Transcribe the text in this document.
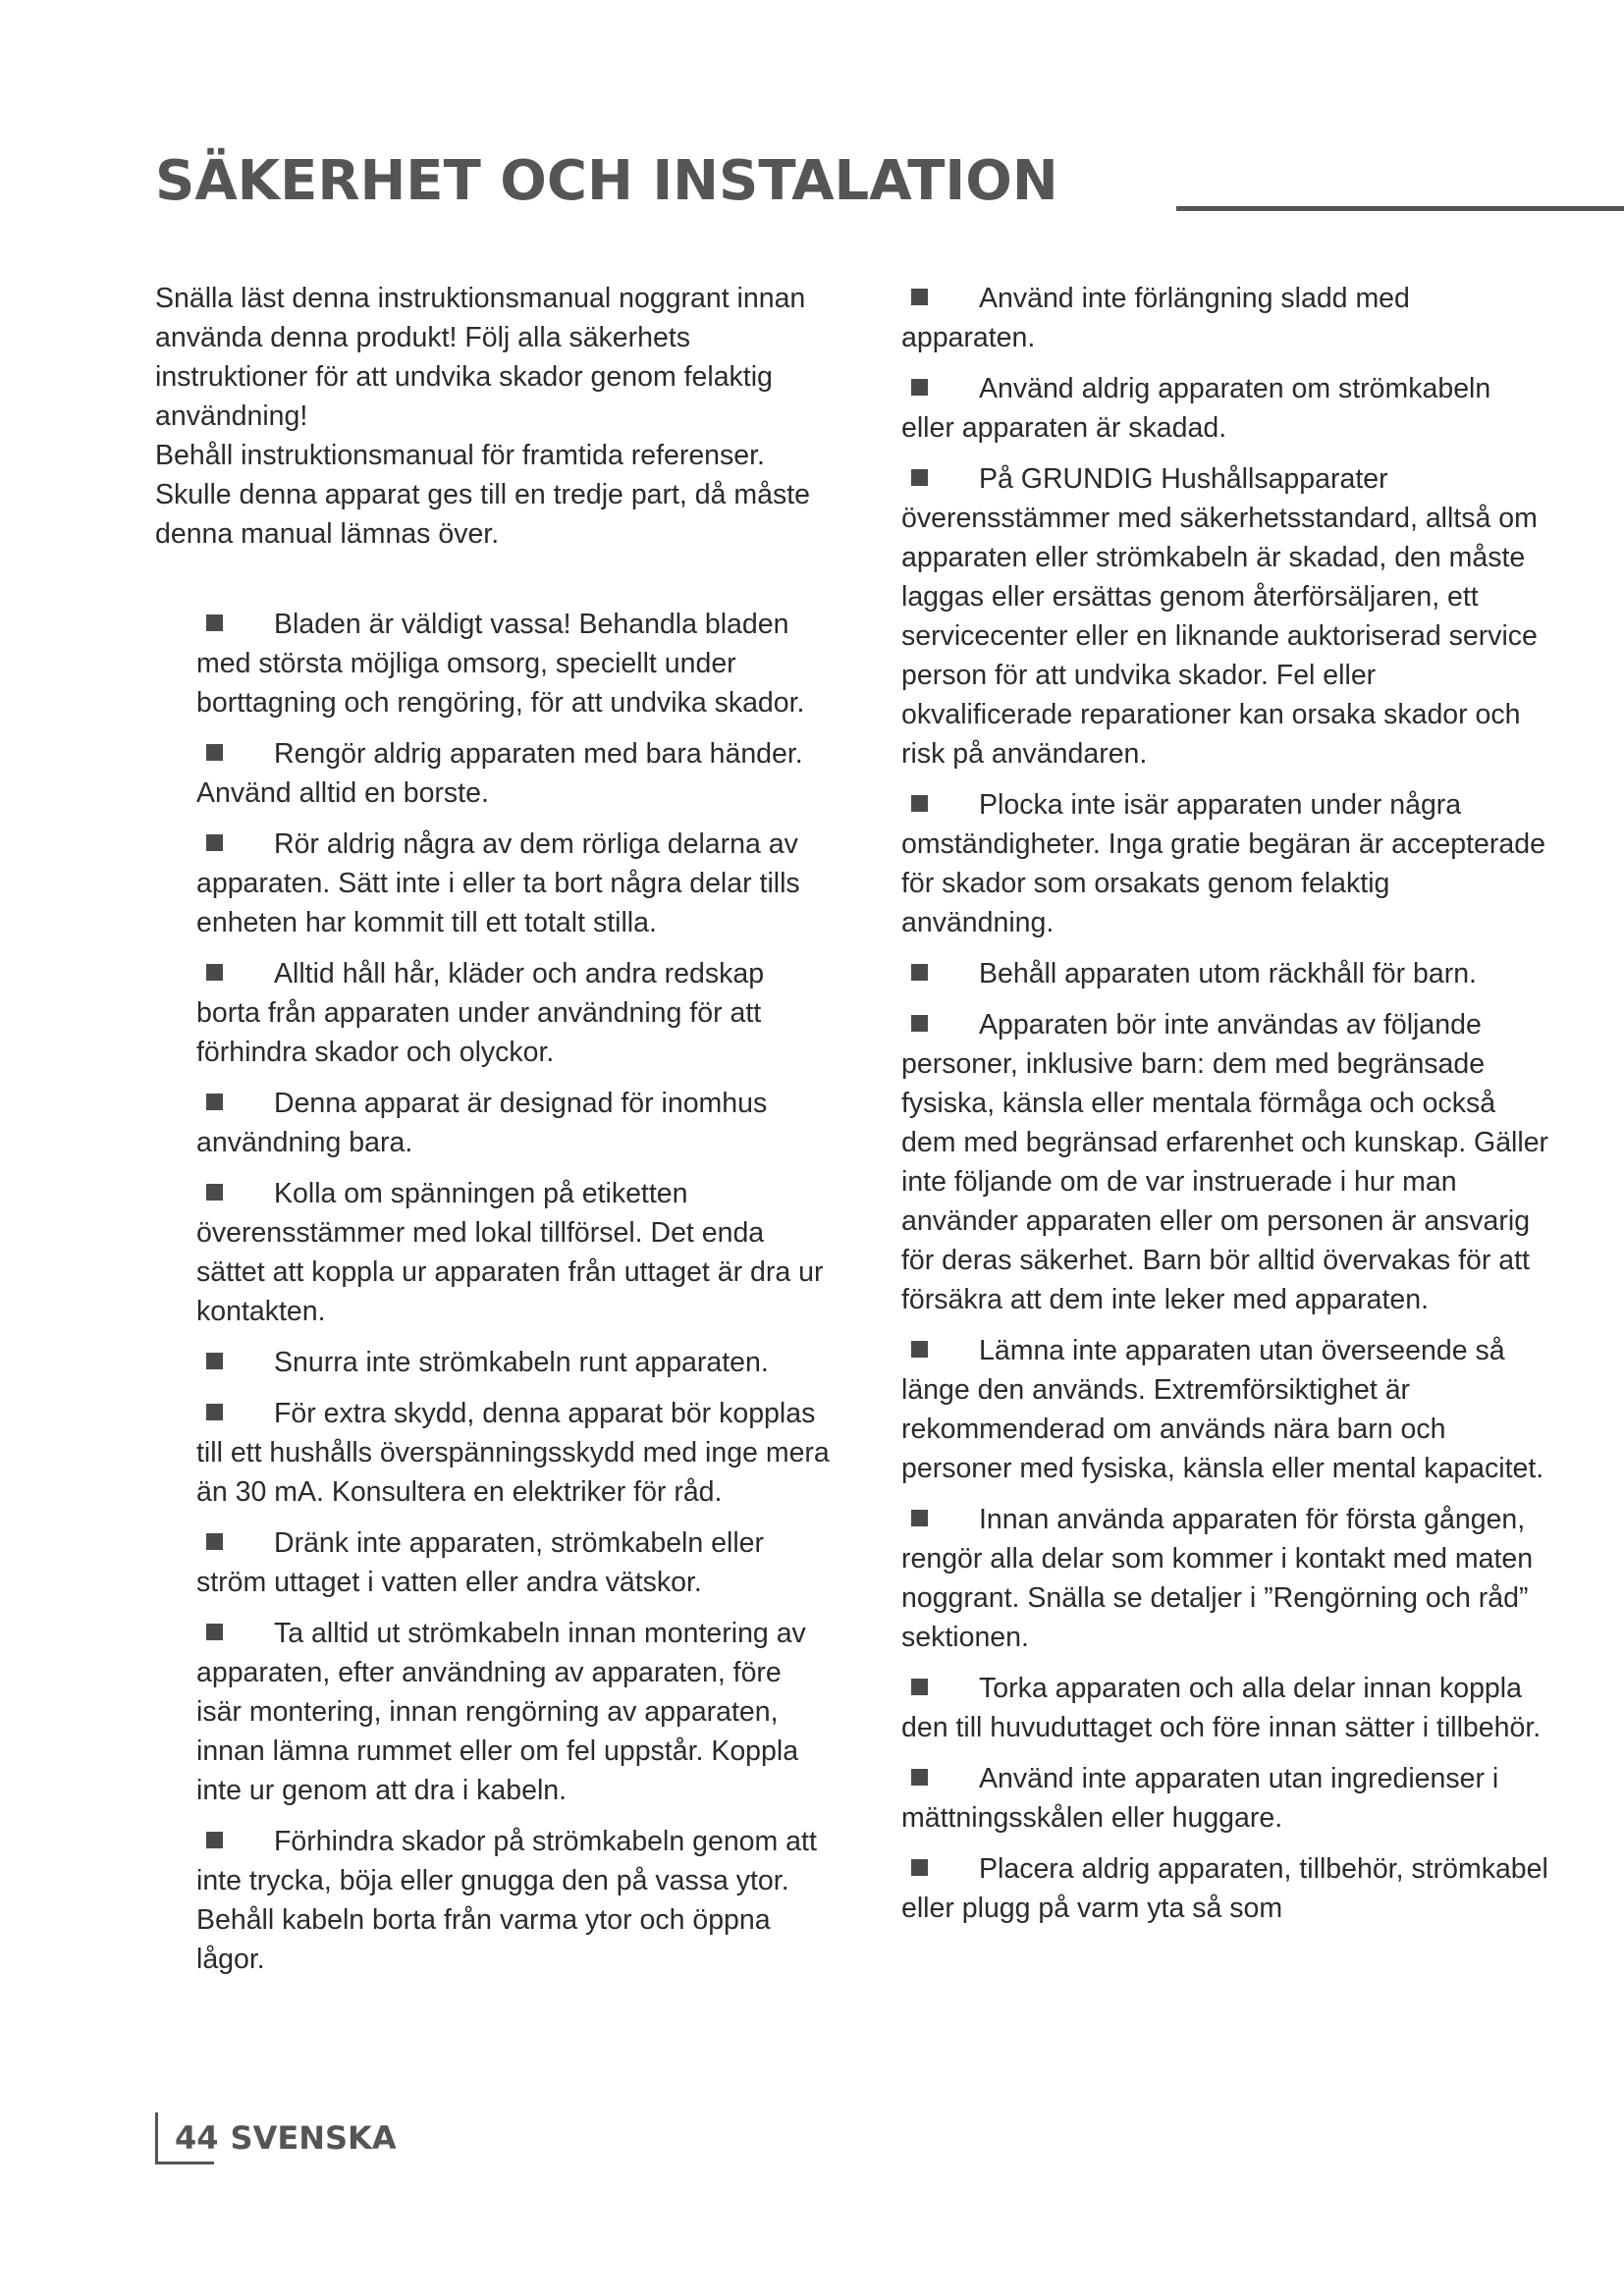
SÄKERHET OCH INSTALATION

Snälla läst denna instruktionsmanual noggrant innan använda denna produkt! Följ alla säkerhets instruktioner för att undvika skador genom felaktig användning!

Behåll instruktionsmanual för framtida referenser.

Skulle denna apparat ges till en tredje part, då måste denna manual lämnas över.

Bladen är väldigt vassa! Behandla bladen med största möjliga omsorg, speciellt under borttagning och rengöring, för att undvika skador.
Rengör aldrig apparaten med bara händer. Använd alltid en borste.
Rör aldrig några av dem rörliga delarna av apparaten. Sätt inte i eller ta bort några delar tills enheten har kommit till ett totalt stilla.
Alltid håll hår, kläder och andra redskap borta från apparaten under användning för att förhindra skador och olyckor.
Denna apparat är designad för inomhus användning bara.
Kolla om spänningen på etiketten överensstämmer med lokal tillförsel. Det enda sättet att koppla ur apparaten från uttaget är dra ur kontakten.
Snurra inte strömkabeln runt apparaten.
För extra skydd, denna apparat bör kopplas till ett hushålls överspänningsskydd med inge mera än 30 mA. Konsultera en elektriker för råd.
Dränk inte apparaten, strömkabeln eller ström uttaget i vatten eller andra vätskor.
Ta alltid ut strömkabeln innan montering av apparaten, efter användning av apparaten, före isär montering, innan rengörning av apparaten, innan lämna rummet eller om fel uppstår. Koppla inte ur genom att dra i kabeln.
Förhindra skador på strömkabeln genom att inte trycka, böja eller gnugga den på vassa ytor. Behåll kabeln borta från varma ytor och öppna lågor.
Använd inte förlängning sladd med apparaten.
Använd aldrig apparaten om strömkabeln eller apparaten är skadad.
På GRUNDIG Hushållsapparater överensstämmer med säkerhetsstandard, alltså om apparaten eller strömkabeln är skadad, den måste laggas eller ersättas genom återförsäljaren, ett servicecenter eller en liknande auktoriserad service person för att undvika skador. Fel eller okvalificerade reparationer kan orsaka skador och risk på användaren.
Plocka inte isär apparaten under några omständigheter. Inga gratie begäran är accepterade för skador som orsakats genom felaktig användning.
Behåll apparaten utom räckhåll för barn.
Apparaten bör inte användas av följande personer, inklusive barn: dem med begränsade fysiska, känsla eller mentala förmåga och också dem med begränsad erfarenhet och kunskap. Gäller inte följande om de var instruerade i hur man använder apparaten eller om personen är ansvarig för deras säkerhet. Barn bör alltid övervakas för att försäkra att dem inte leker med apparaten.
Lämna inte apparaten utan överseende så länge den används. Extremförsiktighet är rekommenderad om används nära barn och personer med fysiska, känsla eller mental kapacitet.
Innan använda apparaten för första gången, rengör alla delar som kommer i kontakt med maten noggrant. Snälla se detaljer i ”Rengörning och råd” sektionen.
Torka apparaten och alla delar innan koppla den till huvuduttaget och före innan sätter i tillbehör.
Använd inte apparaten utan ingredienser i mättningsskålen eller huggare.
Placera aldrig apparaten, tillbehör, strömkabel eller plugg på varm yta så som
44 SVENSKA
